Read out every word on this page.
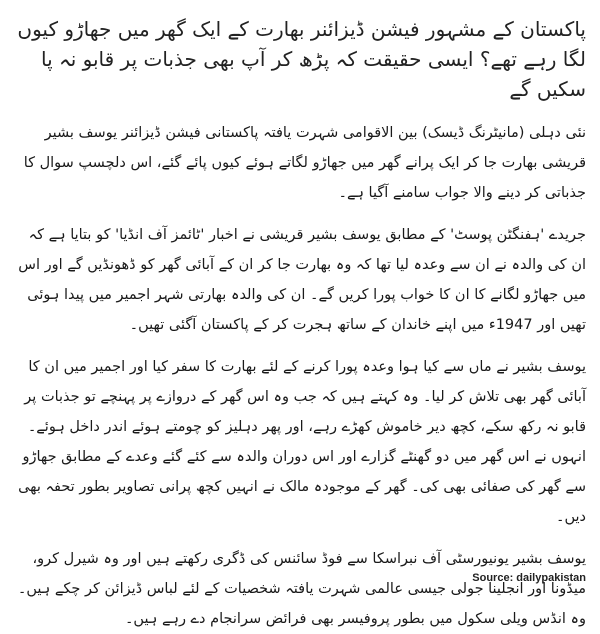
پاکستان کے مشہور فیشن ڈیزائنر بھارت کے ایک گھر میں جھاڑو کیوں لگا رہے تھے؟ ایسی حقیقت کہ پڑھ کر آپ بھی جذبات پر قابو نہ پا سکیں گے

نئی دہلی (مانیٹرنگ ڈیسک) بین الاقوامی شہرت یافتہ پاکستانی فیشن ڈیزائنر یوسف بشیر قریشی بھارت جا کر ایک پرانے گھر میں جھاڑو لگاتے ہوئے کیوں پائے گئے، اس دلچسپ سوال کا جذباتی کر دینے والا جواب سامنے آگیا ہے۔

جریدے 'ہفنگٹن پوسٹ' کے مطابق یوسف بشیر قریشی نے اخبار 'ٹائمز آف انڈیا' کو بتایا ہے کہ ان کی والدہ نے ان سے وعدہ لیا تھا کہ وہ بھارت جا کر ان کے آبائی گھر کو ڈھونڈیں گے اور اس میں جھاڑو لگانے کا ان کا خواب پورا کریں گے۔ ان کی والدہ بھارتی شہر اجمیر میں پیدا ہوئی تھیں اور 1947ء میں اپنے خاندان کے ساتھ ہجرت کر کے پاکستان آگئی تھیں۔

یوسف بشیر نے ماں سے کیا ہوا وعدہ پورا کرنے کے لئے بھارت کا سفر کیا اور اجمیر میں ان کا آبائی گھر بھی تلاش کر لیا۔ وہ کہتے ہیں کہ جب وہ اس گھر کے دروازے پر پہنچے تو جذبات پر قابو نہ رکھ سکے، کچھ دیر خاموش کھڑے رہے، اور پھر دہلیز کو چومتے ہوئے اندر داخل ہوئے۔ انہوں نے اس گھر میں دو گھنٹے گزارے اور اس دوران والدہ سے کئے گئے وعدے کے مطابق جھاڑو سے گھر کی صفائی بھی کی۔ گھر کے موجودہ مالک نے انہیں کچھ پرانی تصاویر بطور تحفہ بھی دیں۔

یوسف بشیر یونیورسٹی آف نبراسکا سے فوڈ سائنس کی ڈگری رکھتے ہیں اور وہ شیرل کرو، میڈونا اور انجلینا جولی جیسی عالمی شہرت یافتہ شخصیات کے لئے لباس ڈیزائن کر چکے ہیں۔ وہ انڈس ویلی سکول میں بطور پروفیسر بھی فرائض سرانجام دے رہے ہیں۔

Source: dailypakistan
